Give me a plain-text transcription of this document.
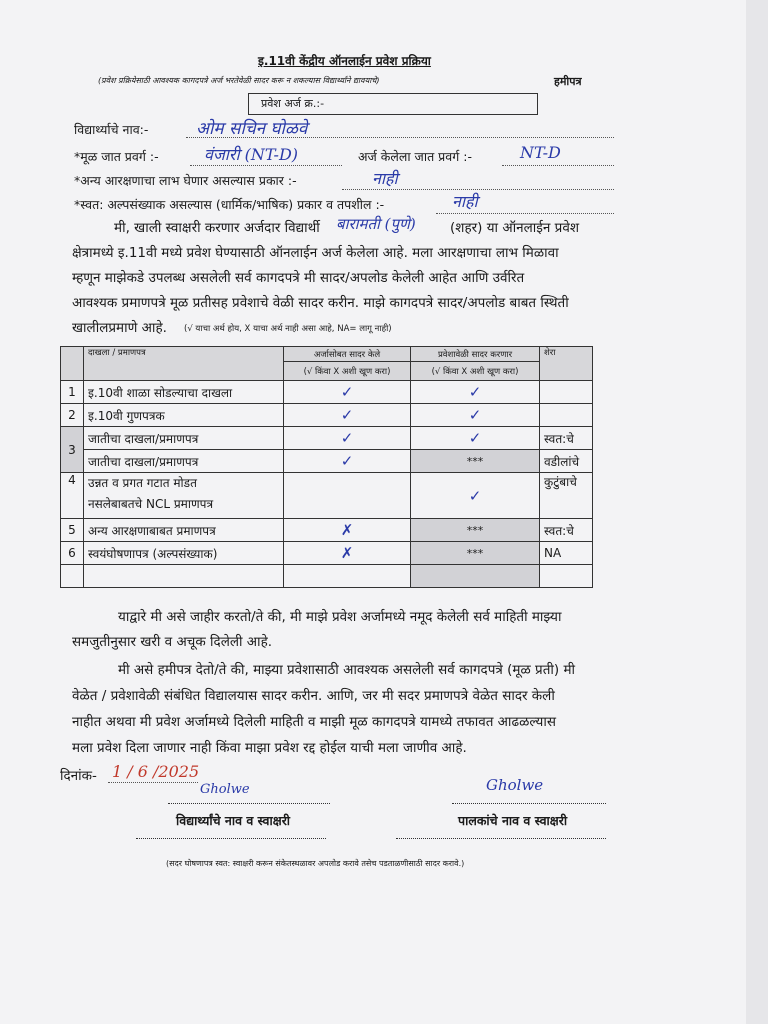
इ.11वी केंद्रीय ऑनलाईन प्रवेश प्रक्रिया
(प्रवेश प्रक्रियेसाठी आवश्यक कागदपत्रे अर्ज भरतेवेळी सादर करू न शकल्यास विद्यार्थ्यांने द्यावयाचे)	हमीपत्र
प्रवेश अर्ज क्र.:-
विद्यार्थ्याचे नाव:-	ओम सचिन घोळवे
*मूळ जात प्रवर्ग :-	वंजारी (NT-D)	अर्ज केलेला जात प्रवर्ग :-	NT-D
*अन्य आरक्षणाचा लाभ घेणार असल्यास प्रकार :-	नाही
*स्वत: अल्पसंख्याक असल्यास (धार्मिक/भाषिक) प्रकार व तपशील :-	नाही
मी, खाली स्वाक्षरी करणार अर्जदार विद्यार्थी बारामती (पुणे)	(शहर) या ऑनलाईन प्रवेश
क्षेत्रामध्ये इ.11वी मध्ये प्रवेश घेण्यासाठी ऑनलाईन अर्ज केलेला आहे. मला आरक्षणाचा लाभ मिळावा
म्हणून माझेकडे उपलब्ध असलेली सर्व कागदपत्रे मी सादर/अपलोड केलेली आहेत आणि उर्वरित
आवश्यक प्रमाणपत्रे मूळ प्रतीसह प्रवेशाचे वेळी सादर करीन. माझे कागदपत्रे सादर/अपलोड बाबत स्थिती
खालीलप्रमाणे आहे. (√ याचा अर्थ होय, X याचा अर्थ नाही असा आहे, NA= लागू नाही)
	दाखला / प्रमाणपत्र	अर्जासोबत सादर केले	प्रवेशावेळी सादर करणार	शेरा
		(√ किंवा X अशी खूण करा)	(√ किंवा X अशी खूण करा)	
1	इ.10वी शाळा सोडल्याचा दाखला	✓	✓	
2	इ.10वी गुणपत्रक	✓	✓	
3	जातीचा दाखला/प्रमाणपत्र	✓	✓	स्वत:चे
	जातीचा दाखला/प्रमाणपत्र	✓	***	वडीलांचे
4	उन्नत व प्रगत गटात मोडत
नसलेबाबतचे NCL प्रमाणपत्र		✓	कुटुंबाचे
5	अन्य आरक्षणाबाबत प्रमाणपत्र	✗	***	स्वत:चे
6	स्वयंघोषणापत्र (अल्पसंख्याक)	✗	***	NA

याद्वारे मी असे जाहीर करतो/ते की, मी माझे प्रवेश अर्जामध्ये नमूद केलेली सर्व माहिती माझ्या
समजुतीनुसार खरी व अचूक दिलेली आहे.
मी असे हमीपत्र देतो/ते की, माझ्या प्रवेशासाठी आवश्यक असलेली सर्व कागदपत्रे (मूळ प्रती) मी
वेळेत / प्रवेशावेळी संबंधित विद्यालयास सादर करीन. आणि, जर मी सदर प्रमाणपत्रे वेळेत सादर केली
नाहीत अथवा मी प्रवेश अर्जामध्ये दिलेली माहिती व माझी मूळ कागदपत्रे यामध्ये तफावत आढळल्यास
मला प्रवेश दिला जाणार नाही किंवा माझा प्रवेश रद्द होईल याची मला जाणीव आहे.
दिनांक- 1 / 6 /2025
Gholwe
विद्यार्थ्यांचे नाव व स्वाक्षरी
Gholwe
पालकांचे नाव व स्वाक्षरी
(सदर घोषणापत्र स्वत: स्वाक्षरी करून संकेतस्थळावर अपलोड करावे तसेच पडताळणीसाठी सादर करावे.)
